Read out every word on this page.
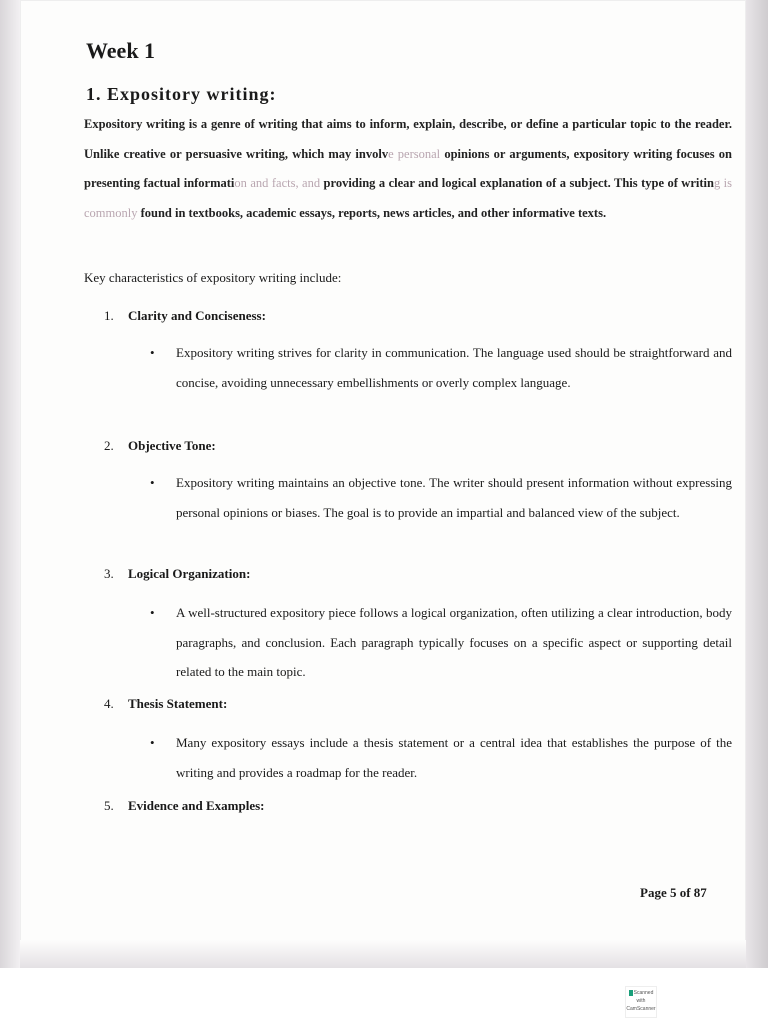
Week 1
1. Expository writing:
Expository writing is a genre of writing that aims to inform, explain, describe, or define a particular topic to the reader. Unlike creative or persuasive writing, which may involve personal opinions or arguments, expository writing focuses on presenting factual information and facts, and providing a clear and logical explanation of a subject. This type of writing is commonly found in textbooks, academic essays, reports, news articles, and other informative texts.
Key characteristics of expository writing include:
1. Clarity and Conciseness:
• Expository writing strives for clarity in communication. The language used should be straightforward and concise, avoiding unnecessary embellishments or overly complex language.
2. Objective Tone:
• Expository writing maintains an objective tone. The writer should present information without expressing personal opinions or biases. The goal is to provide an impartial and balanced view of the subject.
3. Logical Organization:
• A well-structured expository piece follows a logical organization, often utilizing a clear introduction, body paragraphs, and conclusion. Each paragraph typically focuses on a specific aspect or supporting detail related to the main topic.
4. Thesis Statement:
• Many expository essays include a thesis statement or a central idea that establishes the purpose of the writing and provides a roadmap for the reader.
5. Evidence and Examples:
Page 5 of 87
Scanned with CamScanner
